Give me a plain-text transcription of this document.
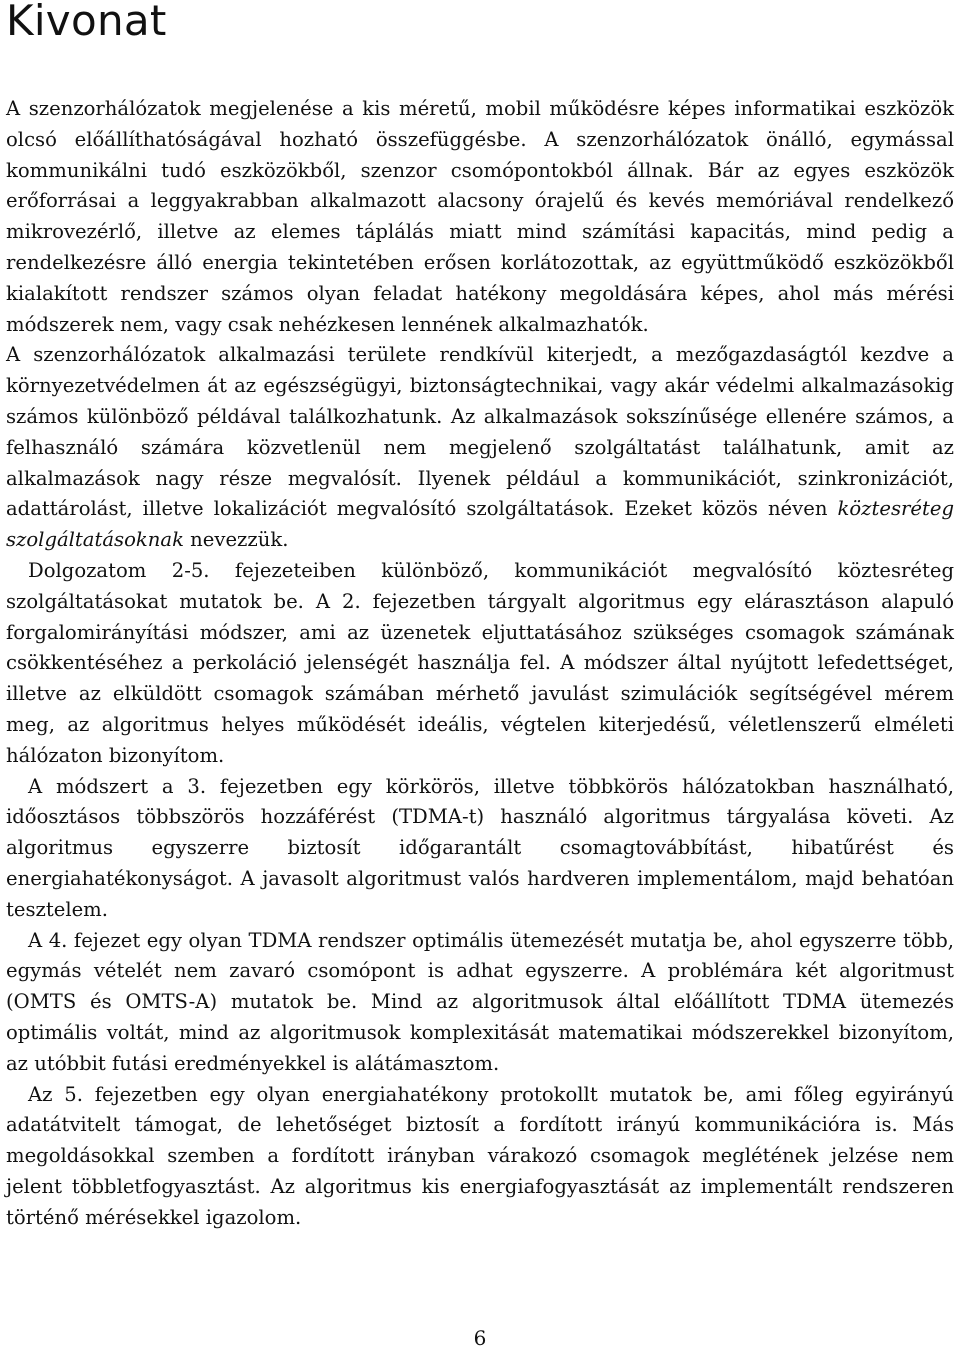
Kivonat

A szenzorhálózatok megjelenése a kis méretű, mobil működésre képes informatikai eszközök olcsó előállíthatóságával hozható összefüggésbe. A szenzorhálózatok önálló, egymással kommunikálni tudó eszközökből, szenzor csomópontokból állnak. Bár az egyes eszközök erőforrásai a leggyakrabban alkalmazott alacsony órajelű és kevés memóriával rendelkező mikrovezérlő, illetve az elemes táplálás miatt mind számítási kapacitás, mind pedig a rendelkezésre álló energia tekintetében erősen korlátozottak, az együttműködő eszközökből kialakított rendszer számos olyan feladat hatékony megoldására képes, ahol más mérési módszerek nem, vagy csak nehézkesen lennének alkalmazhatók.

A szenzorhálózatok alkalmazási területe rendkívül kiterjedt, a mezőgazdaságtól kezdve a környezetvédelmen át az egészségügyi, biztonságtechnikai, vagy akár védelmi alkalmazásokig számos különböző példával találkozhatunk. Az alkalmazások sokszínűsége ellenére számos, a felhasználó számára közvetlenül nem megjelenő szolgáltatást találhatunk, amit az alkalmazások nagy része megvalósít. Ilyenek például a kommunikációt, szinkronizációt, adattárolást, illetve lokalizációt megvalósító szolgáltatások. Ezeket közös néven köztesréteg szolgáltatásoknak nevezzük.

Dolgozatom 2-5. fejezeteiben különböző, kommunikációt megvalósító köztesréteg szolgáltatásokat mutatok be. A 2. fejezetben tárgyalt algoritmus egy elárasztáson alapuló forgalomirányítási módszer, ami az üzenetek eljuttatásához szükséges csomagok számának csökkentéséhez a perkoláció jelenségét használja fel. A módszer által nyújtott lefedettséget, illetve az elküldött csomagok számában mérhető javulást szimulációk segítségével mérem meg, az algoritmus helyes működését ideális, végtelen kiterjedésű, véletlenszerű elméleti hálózaton bizonyítom.

A módszert a 3. fejezetben egy körkörös, illetve többkörös hálózatokban használható, időosztásos többszörös hozzáférést (TDMA-t) használó algoritmus tárgyalása követi. Az algoritmus egyszerre biztosít időgarantált csomagtovábbítást, hibatűrést és energiahatékonyságot. A javasolt algoritmust valós hardveren implementálom, majd behatóan tesztelem.

A 4. fejezet egy olyan TDMA rendszer optimális ütemezését mutatja be, ahol egyszerre több, egymás vételét nem zavaró csomópont is adhat egyszerre. A problémára két algoritmust (OMTS és OMTS-A) mutatok be. Mind az algoritmusok által előállított TDMA ütemezés optimális voltát, mind az algoritmusok komplexitását matematikai módszerekkel bizonyítom, az utóbbit futási eredményekkel is alátámasztom.

Az 5. fejezetben egy olyan energiahatékony protokollt mutatok be, ami főleg egyirányú adatátvitelt támogat, de lehetőséget biztosít a fordított irányú kommunikációra is. Más megoldásokkal szemben a fordított irányban várakozó csomagok meglétének jelzése nem jelent többletfogyasztást. Az algoritmus kis energiafogyasztását az implementált rendszeren történő mérésekkel igazolom.

6
